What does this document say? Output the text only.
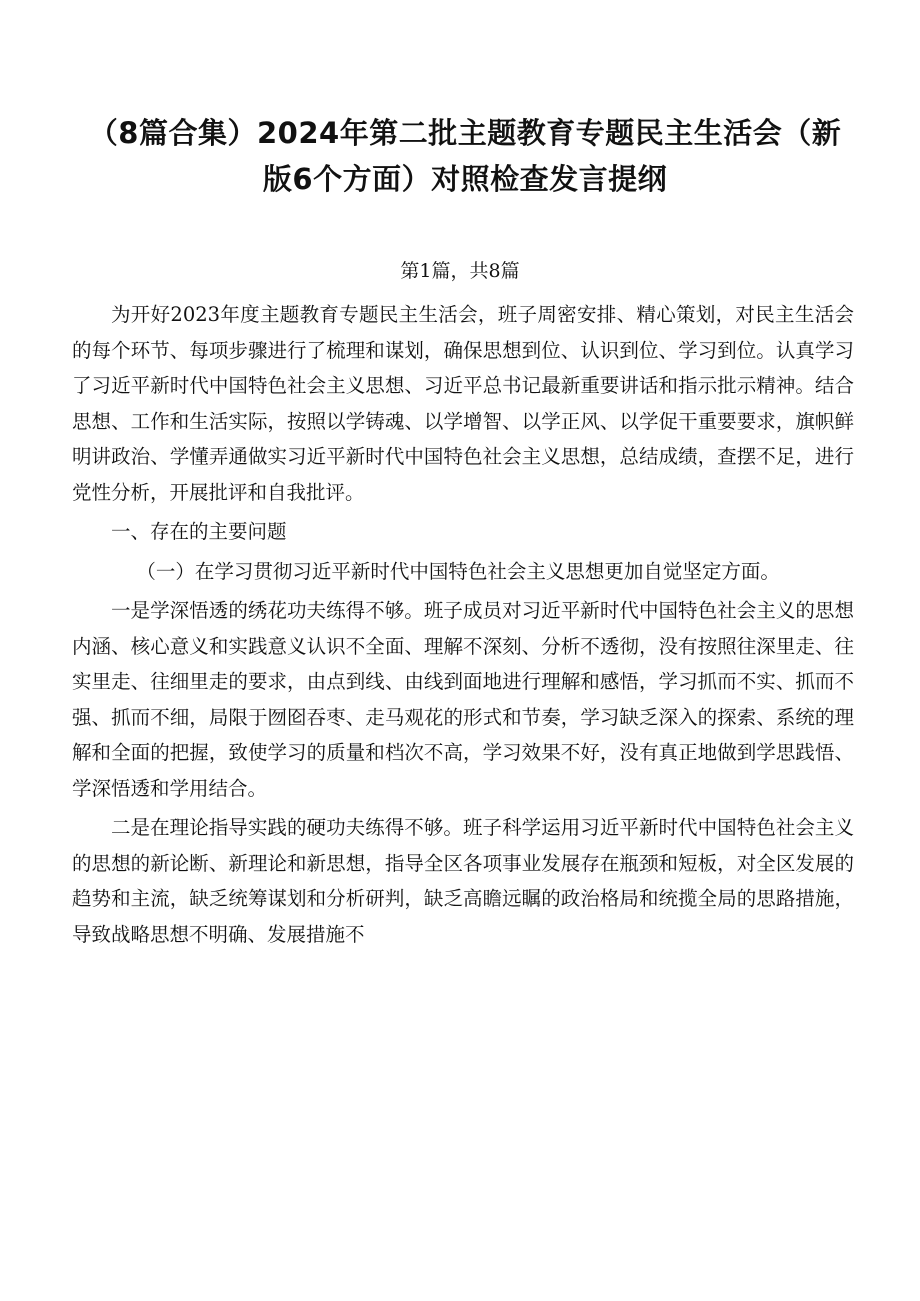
（8篇合集）2024年第二批主题教育专题民主生活会（新
版6个方面）对照检查发言提纲

第1篇，共8篇

为开好2023年度主题教育专题民主生活会，班子周密安排、精心策划，对民主生活会的每个环节、每项步骤进行了梳理和谋划，确保思想到位、认识到位、学习到位。认真学习了习近平新时代中国特色社会主义思想、习近平总书记最新重要讲话和指示批示精神。结合思想、工作和生活实际，按照以学铸魂、以学增智、以学正风、以学促干重要要求，旗帜鲜明讲政治、学懂弄通做实习近平新时代中国特色社会主义思想，总结成绩，查摆不足，进行党性分析，开展批评和自我批评。

一、存在的主要问题

（一）在学习贯彻习近平新时代中国特色社会主义思想更加自觉坚定方面。

一是学深悟透的绣花功夫练得不够。班子成员对习近平新时代中国特色社会主义的思想内涵、核心意义和实践意义认识不全面、理解不深刻、分析不透彻，没有按照往深里走、往实里走、往细里走的要求，由点到线、由线到面地进行理解和感悟，学习抓而不实、抓而不强、抓而不细，局限于囫囵吞枣、走马观花的形式和节奏，学习缺乏深入的探索、系统的理解和全面的把握，致使学习的质量和档次不高，学习效果不好，没有真正地做到学思践悟、学深悟透和学用结合。

二是在理论指导实践的硬功夫练得不够。班子科学运用习近平新时代中国特色社会主义的思想的新论断、新理论和新思想，指导全区各项事业发展存在瓶颈和短板，对全区发展的趋势和主流，缺乏统筹谋划和分析研判，缺乏高瞻远瞩的政治格局和统揽全局的思路措施，导致战略思想不明确、发展措施不
